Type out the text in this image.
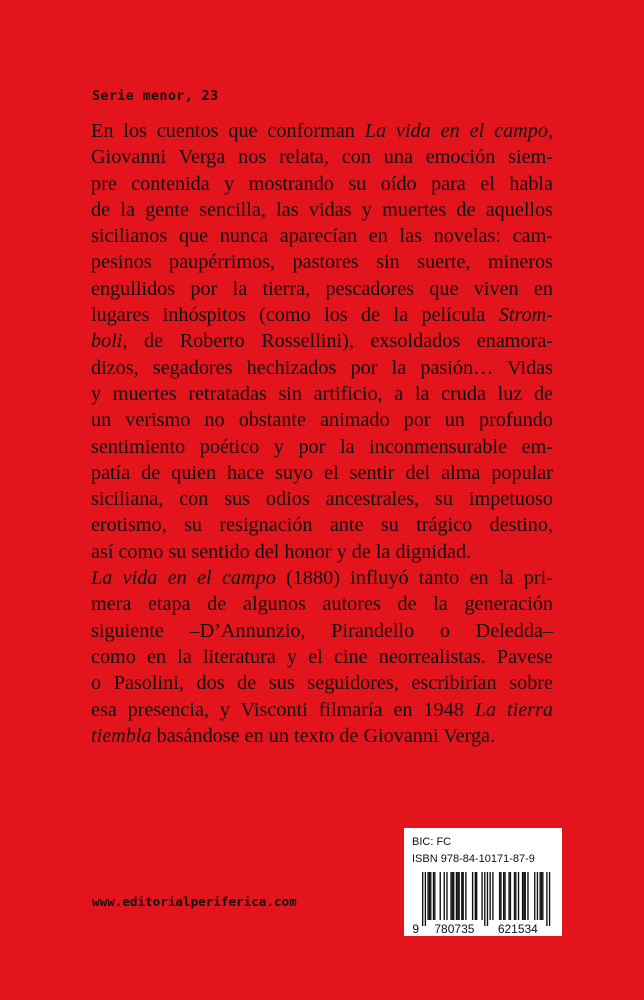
Serie menor, 23
En los cuentos que conforman La vida en el campo,
Giovanni Verga nos relata, con una emoción siem-
pre contenida y mostrando su oído para el habla
de la gente sencilla, las vidas y muertes de aquellos
sicilianos que nunca aparecían en las novelas: cam-
pesinos paupérrimos, pastores sin suerte, mineros
engullidos por la tierra, pescadores que viven en
lugares inhóspitos (como los de la película Strom-
boli, de Roberto Rossellini), exsoldados enamora-
dizos, segadores hechizados por la pasión… Vidas
y muertes retratadas sin artificio, a la cruda luz de
un verismo no obstante animado por un profundo
sentimiento poético y por la inconmensurable em-
patía de quien hace suyo el sentir del alma popular
siciliana, con sus odios ancestrales, su impetuoso
erotismo, su resignación ante su trágico destino,
así como su sentido del honor y de la dignidad.
La vida en el campo (1880) influyó tanto en la pri-
mera etapa de algunos autores de la generación
siguiente –D’Annunzio, Pirandello o Deledda–
como en la literatura y el cine neorrealistas. Pavese
o Pasolini, dos de sus seguidores, escribirían sobre
esa presencia, y Visconti filmaría en 1948 La tierra
tiembla basándose en un texto de Giovanni Verga.
BIC: FC
ISBN 978-84-10171-87-9
9 780735 621534
www.editorialperiferica.com
